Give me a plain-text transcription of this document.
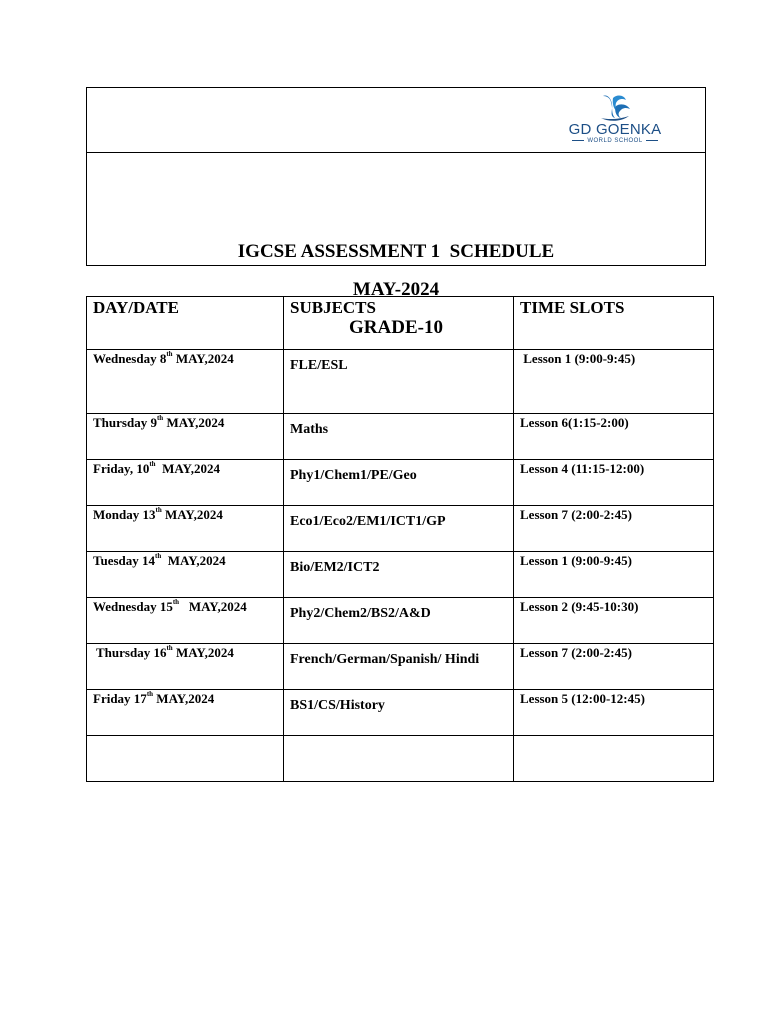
GD GOENKA
WORLD SCHOOL
IGCSE ASSESSMENT 1  SCHEDULE
MAY-2024
GRADE-10
DAY/DATE	SUBJECTS	TIME SLOTS

Wednesday 8th MAY,2024	FLE/ESL	Lesson 1 (9:00-9:45)

Thursday 9th MAY,2024	Maths	Lesson 6(1:15-2:00)

Friday, 10th  MAY,2024	Phy1/Chem1/PE/Geo	Lesson 4 (11:15-12:00)

Monday 13th MAY,2024	Eco1/Eco2/EM1/ICT1/GP	Lesson 7 (2:00-2:45)

Tuesday 14th  MAY,2024	Bio/EM2/ICT2	Lesson 1 (9:00-9:45)

Wednesday 15th   MAY,2024	Phy2/Chem2/BS2/A&D	Lesson 2 (9:45-10:30)

Thursday 16th MAY,2024	French/German/Spanish/ Hindi	Lesson 7 (2:00-2:45)

Friday 17th MAY,2024	BS1/CS/History	Lesson 5 (12:00-12:45)
